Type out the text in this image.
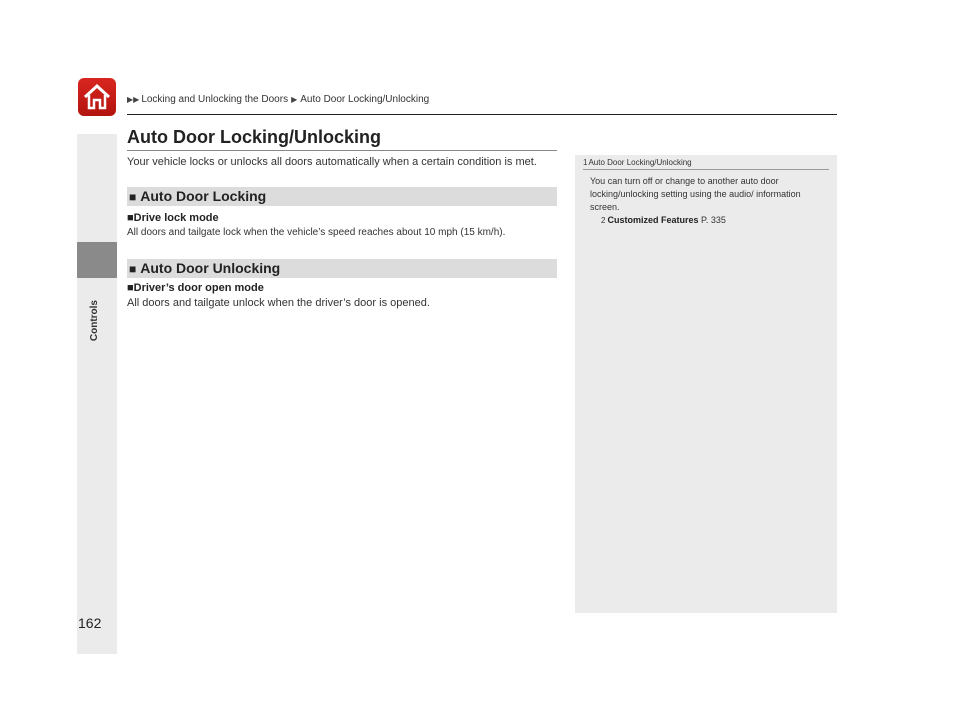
▶▶ Locking and Unlocking the Doors ▶ Auto Door Locking/Unlocking
Controls
162
Auto Door Locking/Unlocking
Your vehicle locks or unlocks all doors automatically when a certain condition is met.
■ Auto Door Locking
■Drive lock mode
All doors and tailgate lock when the vehicle’s speed reaches about 10 mph (15 km/h).
■ Auto Door Unlocking
■Driver’s door open mode
All doors and tailgate unlock when the driver’s door is opened.
1Auto Door Locking/Unlocking
You can turn off or change to another auto door locking/unlocking setting using the audio/ information screen.
2 Customized Features P. 335
